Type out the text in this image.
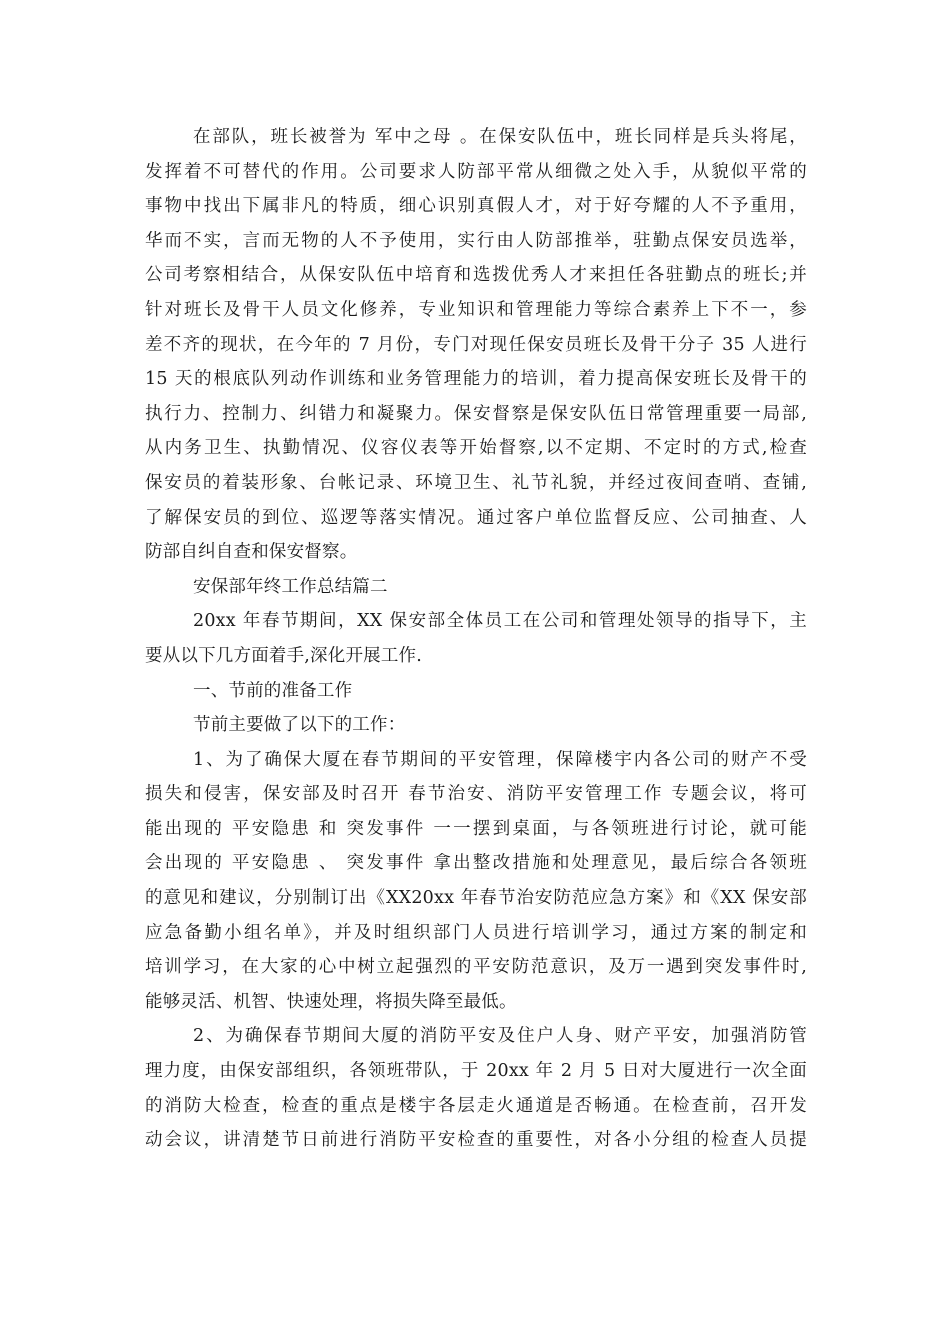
在部队，班长被誉为 军中之母 。在保安队伍中，班长同样是兵头将尾，
发挥着不可替代的作用。公司要求人防部平常从细微之处入手，从貌似平常的
事物中找出下属非凡的特质，细心识别真假人才，对于好夸耀的人不予重用，
华而不实，言而无物的人不予使用，实行由人防部推举，驻勤点保安员选举，
公司考察相结合，从保安队伍中培育和选拨优秀人才来担任各驻勤点的班长;并
针对班长及骨干人员文化修养，专业知识和管理能力等综合素养上下不一，参
差不齐的现状，在今年的 7 月份，专门对现任保安员班长及骨干分子 35 人进行
15 天的根底队列动作训练和业务管理能力的培训，着力提高保安班长及骨干的
执行力、控制力、纠错力和凝聚力。保安督察是保安队伍日常管理重要一局部,
从内务卫生、执勤情况、仪容仪表等开始督察,以不定期、不定时的方式,检查
保安员的着装形象、台帐记录、环境卫生、礼节礼貌，并经过夜间查哨、查铺,
了解保安员的到位、巡逻等落实情况。通过客户单位监督反应、公司抽查、人
防部自纠自查和保安督察。
安保部年终工作总结篇二
20xx 年春节期间，XX 保安部全体员工在公司和管理处领导的指导下，主
要从以下几方面着手,深化开展工作.
一、节前的准备工作
节前主要做了以下的工作：
1、为了确保大厦在春节期间的平安管理，保障楼宇内各公司的财产不受
损失和侵害，保安部及时召开 春节治安、消防平安管理工作 专题会议，将可
能出现的 平安隐患 和 突发事件 一一摆到桌面，与各领班进行讨论，就可能
会出现的 平安隐患 、 突发事件 拿出整改措施和处理意见，最后综合各领班
的意见和建议，分别制订出《XX20xx 年春节治安防范应急方案》和《XX 保安部
应急备勤小组名单》，并及时组织部门人员进行培训学习，通过方案的制定和
培训学习，在大家的心中树立起强烈的平安防范意识，及万一遇到突发事件时,
能够灵活、机智、快速处理，将损失降至最低。
2、为确保春节期间大厦的消防平安及住户人身、财产平安，加强消防管
理力度，由保安部组织，各领班带队，于 20xx 年 2 月 5 日对大厦进行一次全面
的消防大检查，检查的重点是楼宇各层走火通道是否畅通。在检查前，召开发
动会议，讲清楚节日前进行消防平安检查的重要性，对各小分组的检查人员提
